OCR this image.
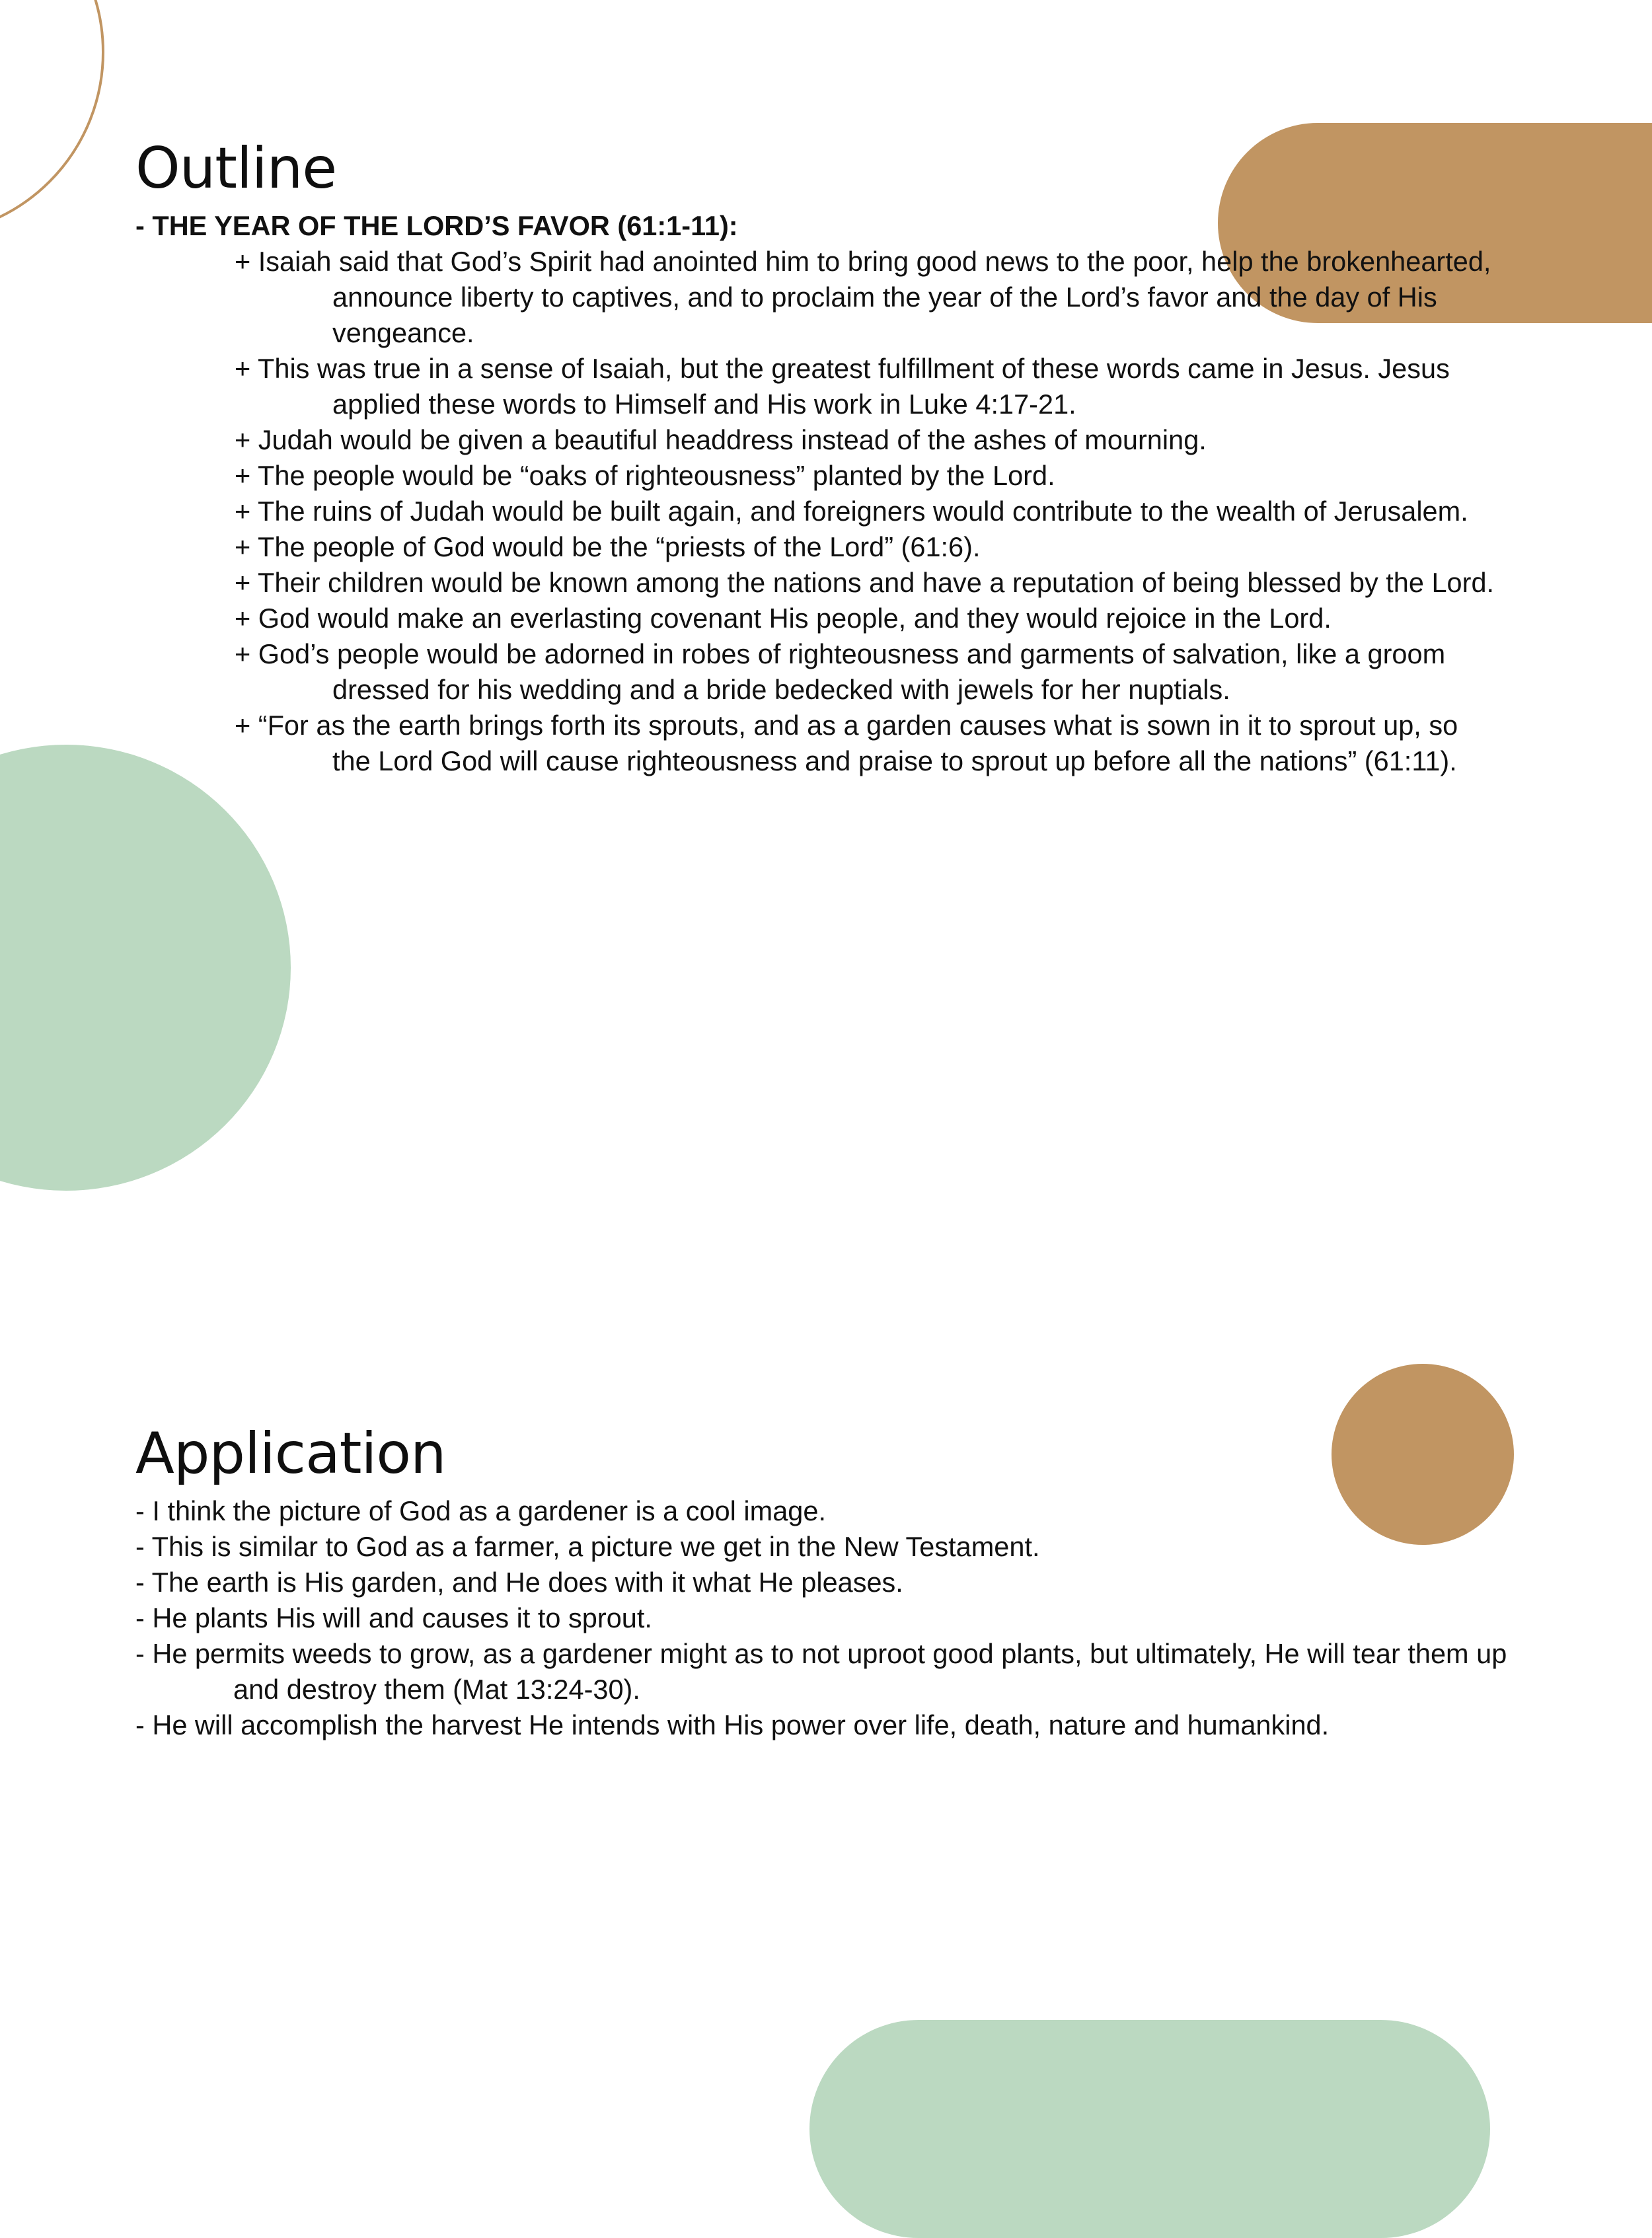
Outline
- THE YEAR OF THE LORD’S FAVOR (61:1-11):
+ Isaiah said that God’s Spirit had anointed him to bring good news to the poor, help the brokenhearted, announce liberty to captives, and to proclaim the year of the Lord’s favor and the day of His vengeance.
+ This was true in a sense of Isaiah, but the greatest fulfillment of these words came in Jesus. Jesus applied these words to Himself and His work in Luke 4:17-21.
+ Judah would be given a beautiful headdress instead of the ashes of mourning.
+ The people would be “oaks of righteousness” planted by the Lord.
+ The ruins of Judah would be built again, and foreigners would contribute to the wealth of Jerusalem.
+ The people of God would be the “priests of the Lord” (61:6).
+ Their children would be known among the nations and have a reputation of being blessed by the Lord.
+ God would make an everlasting covenant His people, and they would rejoice in the Lord.
+ God’s people would be adorned in robes of righteousness and garments of salvation, like a groom dressed for his wedding and a bride bedecked with jewels for her nuptials.
+ “For as the earth brings forth its sprouts, and as a garden causes what is sown in it to sprout up, so the Lord God will cause righteousness and praise to sprout up before all the nations” (61:11).
Application
- I think the picture of God as a gardener is a cool image.
- This is similar to God as a farmer, a picture we get in the New Testament.
- The earth is His garden, and He does with it what He pleases.
- He plants His will and causes it to sprout.
- He permits weeds to grow, as a gardener might as to not uproot good plants, but ultimately, He will tear them up and destroy them (Mat 13:24-30).
- He will accomplish the harvest He intends with His power over life, death, nature and humankind.
